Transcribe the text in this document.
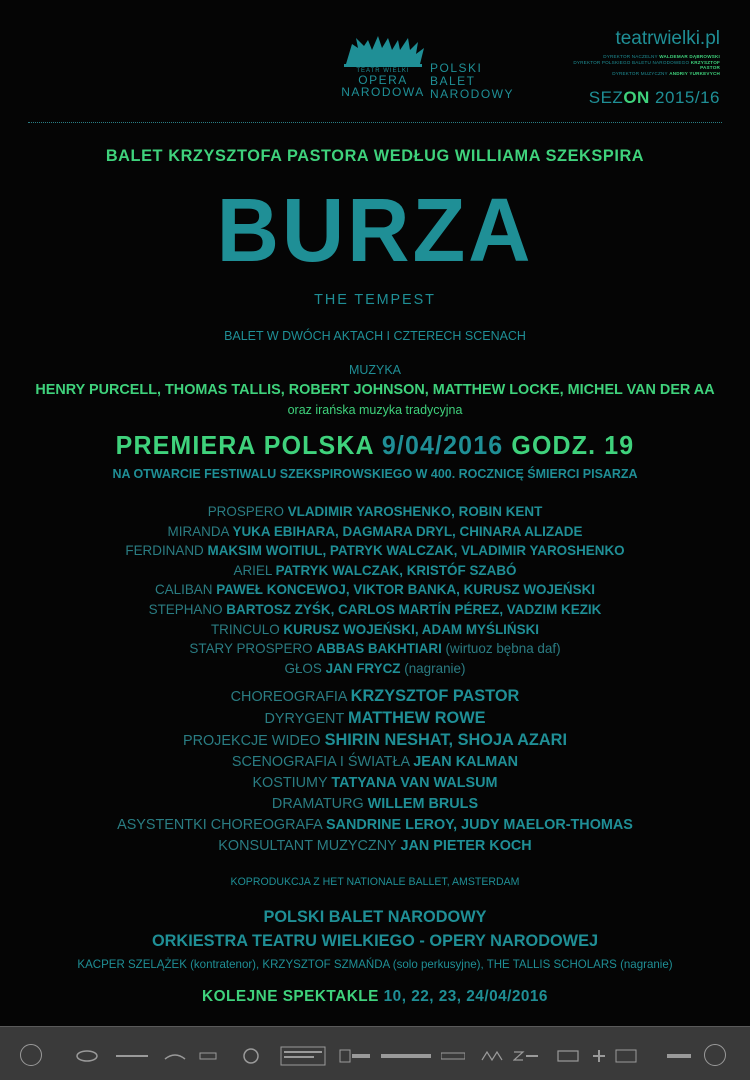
TEATR WIELKI
OPERA
NARODOWA
POLSKI
BALET
NARODOWY
teatrwielki.pl
DYREKTOR NACZELNY WALDEMAR DĄBROWSKI
DYREKTOR POLSKIEGO BALETU NARODOWEGO KRZYSZTOF PASTOR
DYREKTOR MUZYCZNY ANDRIY YURKEVYCH
SEZON 2015/16
BALET KRZYSZTOFA PASTORA WEDŁUG WILLIAMA SZEKSPIRA
BURZA
THE TEMPEST
BALET W DWÓCH AKTACH I CZTERECH SCENACH
MUZYKA
HENRY PURCELL, THOMAS TALLIS, ROBERT JOHNSON, MATTHEW LOCKE, MICHEL VAN DER AA
oraz irańska muzyka tradycyjna
PREMIERA POLSKA 9/04/2016 GODZ. 19
NA OTWARCIE FESTIWALU SZEKSPIROWSKIEGO W 400. ROCZNICĘ ŚMIERCI PISARZA
PROSPERO VLADIMIR YAROSHENKO, ROBIN KENT
MIRANDA YUKA EBIHARA, DAGMARA DRYL, CHINARA ALIZADE
FERDINAND MAKSIM WOITIUL, PATRYK WALCZAK, VLADIMIR YAROSHENKO
ARIEL PATRYK WALCZAK, KRISTÓF SZABÓ
CALIBAN PAWEŁ KONCEWOJ, VIKTOR BANKA, KURUSZ WOJEŃSKI
STEPHANO BARTOSZ ZYŚK, CARLOS MARTÍN PÉREZ, VADZIM KEZIK
TRINCULO KURUSZ WOJEŃSKI, ADAM MYŚLIŃSKI
STARY PROSPERO ABBAS BAKHTIARI (wirtuoz bębna daf)
GŁOS JAN FRYCZ (nagranie)
CHOREOGRAFIA KRZYSZTOF PASTOR
DYRYGENT MATTHEW ROWE
PROJEKCJE WIDEO SHIRIN NESHAT, SHOJA AZARI
SCENOGRAFIA I ŚWIATŁA JEAN KALMAN
KOSTIUMY TATYANA VAN WALSUM
DRAMATURG WILLEM BRULS
ASYSTENTKI CHOREOGRAFA SANDRINE LEROY, JUDY MAELOR-THOMAS
KONSULTANT MUZYCZNY JAN PIETER KOCH
KOPRODUKCJA Z HET NATIONALE BALLET, AMSTERDAM
POLSKI BALET NARODOWY
ORKIESTRA TEATRU WIELKIEGO - OPERY NARODOWEJ
KACPER SZELĄŻEK (kontratenor), KRZYSZTOF SZMAŃDA (solo perkusyjne), THE TALLIS SCHOLARS (nagranie)
KOLEJNE SPEKTAKLE 10, 22, 23, 24/04/2016
